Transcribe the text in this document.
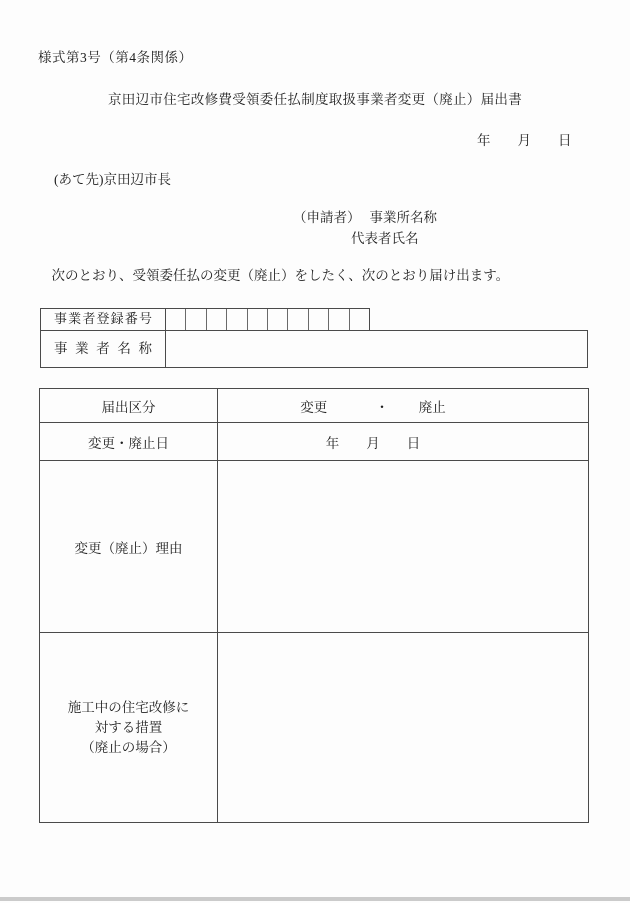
様式第3号（第4条関係）
京田辺市住宅改修費受領委任払制度取扱事業者変更（廃止）届出書
年　　月　　日
(あて先)京田辺市長
（申請者） 事業所名称
代表者氏名
　次のとおり、受領委任払の変更（廃止）をしたく、次のとおり届け出ます。
事業者登録番号
事業者名称
届出区分	変更	・ 廃止
変更・廃止日	年　　月　　日
変更（廃止）理由
施工中の住宅改修に
対する措置
（廃止の場合）
